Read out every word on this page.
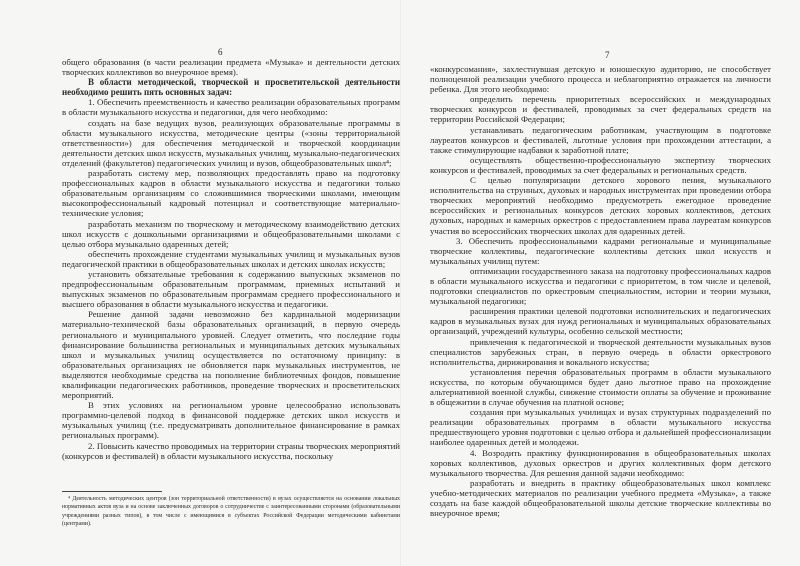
6	7

общего образования (в части реализации предмета «Музыка» и деятельности детских творческих коллективов во внеурочное время).

В области методической, творческой и просветительской деятельности необходимо решить пять основных задач:

1. Обеспечить преемственность и качество реализации образовательных программ в области музыкального искусства и педагогики, для чего необходимо:

создать на базе ведущих вузов, реализующих образовательные программы в области музыкального искусства, методические центры («зоны территориальной ответственности») для обеспечения методической и творческой координации деятельности детских школ искусств, музыкальных училищ, музыкально-педагогических отделений (факультетов) педагогических училищ и вузов, общеобразовательных школ⁴;

разработать систему мер, позволяющих предоставлять право на подготовку профессиональных кадров в области музыкального искусства и педагогики только образовательным организациям со сложившимися творческими школами, имеющим высокопрофессиональный кадровый потенциал и соответствующие материально-технические условия;

разработать механизм по творческому и методическому взаимодействию детских школ искусств с дошкольными организациями и общеобразовательными школами с целью отбора музыкально одаренных детей;

обеспечить прохождение студентами музыкальных училищ и музыкальных вузов педагогической практики в общеобразовательных школах и детских школах искусств;

установить обязательные требования к содержанию выпускных экзаменов по предпрофессиональным образовательным программам, приемных испытаний и выпускных экзаменов по образовательным программам среднего профессионального и высшего образования в области музыкального искусства и педагогики.

Решение данной задачи невозможно без кардинальной модернизации материально-технической базы образовательных организаций, в первую очередь регионального и муниципального уровней. Следует отметить, что последние годы финансирование большинства региональных и муниципальных детских музыкальных школ и музыкальных училищ осуществляется по остаточному принципу: в образовательных организациях не обновляется парк музыкальных инструментов, не выделяются необходимые средства на пополнение библиотечных фондов, повышение квалификации педагогических работников, проведение творческих и просветительских мероприятий.

В этих условиях на региональном уровне целесообразно использовать программно-целевой подход в финансовой поддержке детских школ искусств и музыкальных училищ (т.е. предусматривать дополнительное финансирование в рамках региональных программ).

2. Повысить качество проводимых на территории страны творческих мероприятий (конкурсов и фестивалей) в области музыкального искусства, поскольку

⁴ Деятельность методических центров (зон территориальной ответственности) в вузах осуществляется на основании локальных нормативных актов вуза и на основе заключенных договоров о сотрудничестве с заинтересованными сторонами (образовательными учреждениями разных типов), в том числе с имеющимися в субъектах Российской Федерации методическими кабинетами (центрами).

«конкурсомания», захлестнувшая детскую и юношескую аудиторию, не способствует полноценной реализации учебного процесса и неблагоприятно отражается на личности ребенка. Для этого необходимо:

определить перечень приоритетных всероссийских и международных творческих конкурсов и фестивалей, проводимых за счет федеральных средств на территории Российской Федерации;

устанавливать педагогическим работникам, участвующим в подготовке лауреатов конкурсов и фестивалей, льготные условия при прохождении аттестации, а также стимулирующие надбавки к заработной плате;

осуществлять общественно-профессиональную экспертизу творческих конкурсов и фестивалей, проводимых за счет федеральных и региональных средств.

С целью популяризации детского хорового пения, музыкального исполнительства на струнных, духовых и народных инструментах при проведении отбора творческих мероприятий необходимо предусмотреть ежегодное проведение всероссийских и региональных конкурсов детских хоровых коллективов, детских духовых, народных и камерных оркестров с предоставлением права лауреатам конкурсов участия во всероссийских творческих школах для одаренных детей.

3. Обеспечить профессиональными кадрами региональные и муниципальные творческие коллективы, педагогические коллективы детских школ искусств и музыкальных училищ путем:

оптимизации государственного заказа на подготовку профессиональных кадров в области музыкального искусства и педагогики с приоритетом, в том числе и целевой, подготовки специалистов по оркестровым специальностям, истории и теории музыки, музыкальной педагогики;

расширения практики целевой подготовки исполнительских и педагогических кадров в музыкальных вузах для нужд региональных и муниципальных образовательных организаций, учреждений культуры, особенно сельской местности;

привлечения к педагогической и творческой деятельности музыкальных вузов специалистов зарубежных стран, в первую очередь в области оркестрового исполнительства, дирижирования и вокального искусства;

установления перечня образовательных программ в области музыкального искусства, по которым обучающимся будет дано льготное право на прохождение альтернативной военной службы, снижение стоимости оплаты за обучение и проживание в общежитии в случае обучения на платной основе;

создания при музыкальных училищах и вузах структурных подразделений по реализации образовательных программ в области музыкального искусства предшествующего уровня подготовки с целью отбора и дальнейшей профессионализации наиболее одаренных детей и молодежи.

4. Возродить практику функционирования в общеобразовательных школах хоровых коллективов, духовых оркестров и других коллективных форм детского музыкального творчества. Для решения данной задачи необходимо:

разработать и внедрить в практику общеобразовательных школ комплекс учебно-методических материалов по реализации учебного предмета «Музыка», а также создать на базе каждой общеобразовательной школы детские творческие коллективы во внеурочное время;
